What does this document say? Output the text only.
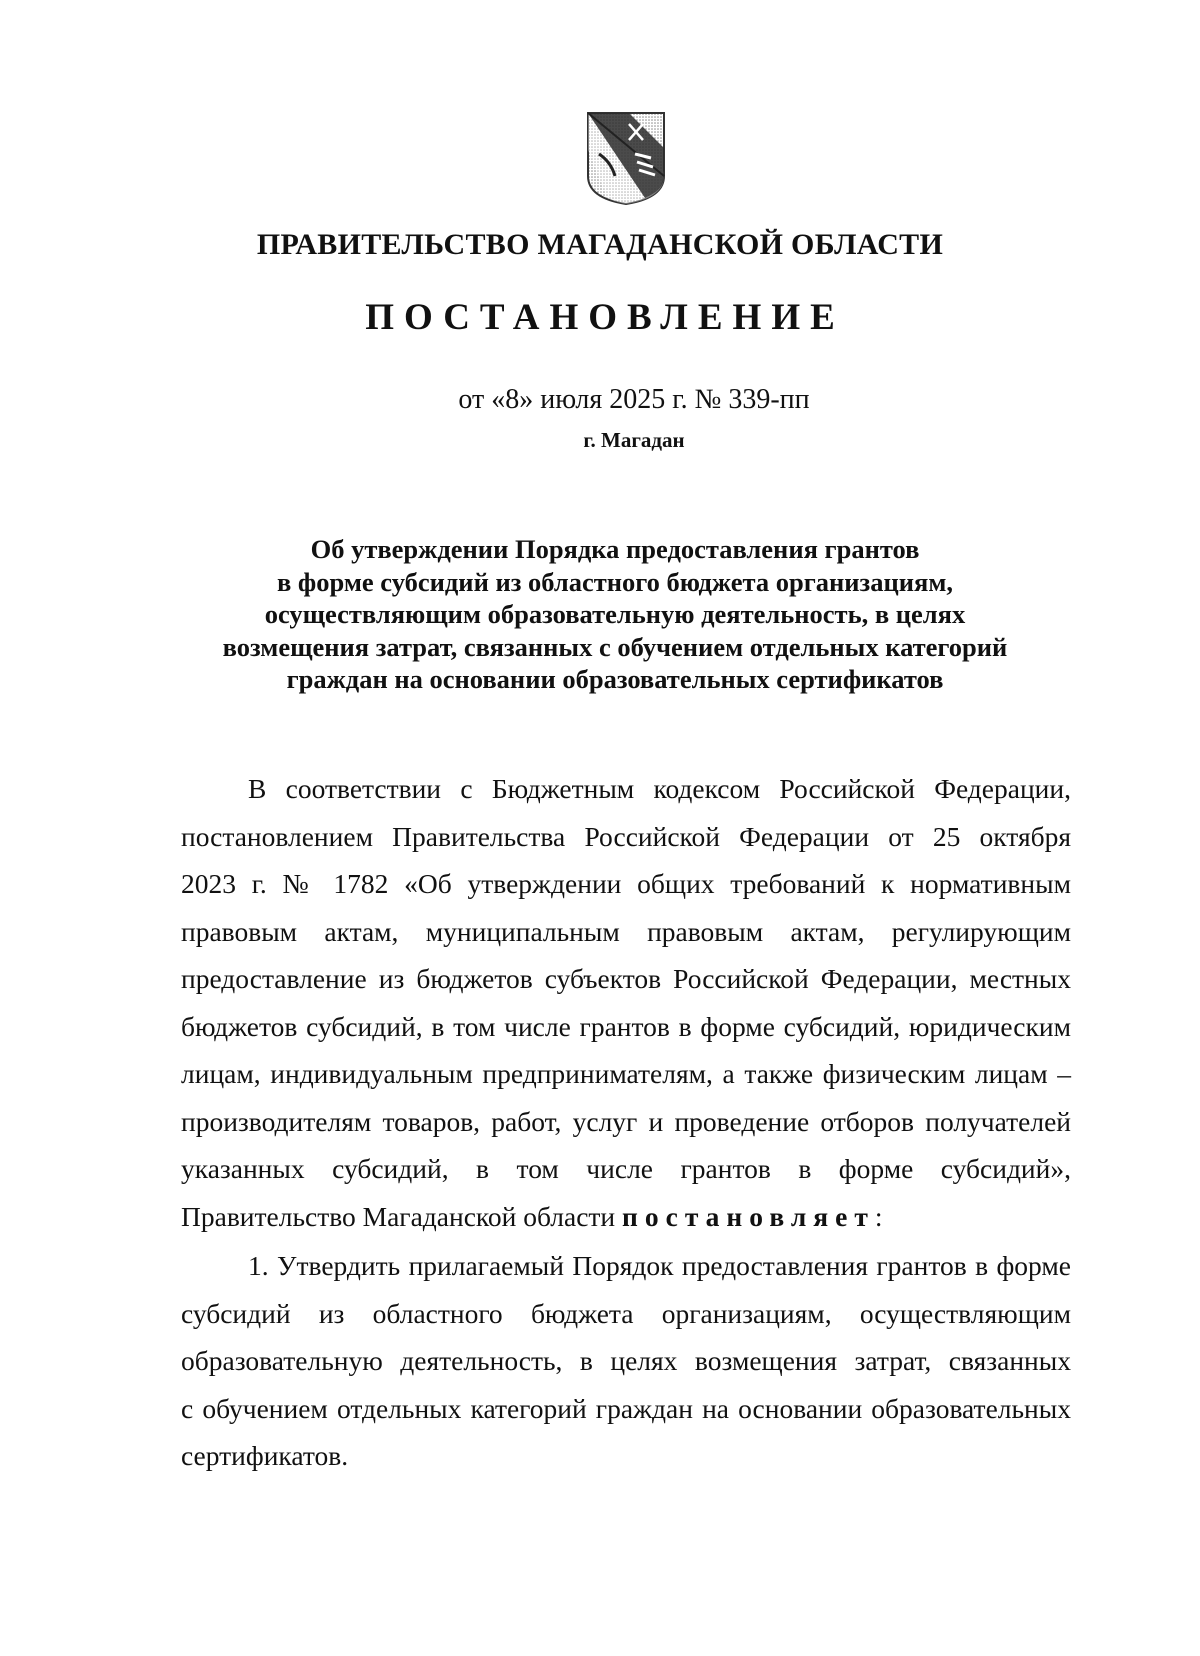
ПРАВИТЕЛЬСТВО МАГАДАНСКОЙ ОБЛАСТИ
ПОСТАНОВЛЕНИЕ
от «8» июля 2025 г. № 339-пп
г. Магадан
Об утверждении Порядка предоставления грантов
в форме субсидий из областного бюджета организациям,
осуществляющим образовательную деятельность, в целях
возмещения затрат, связанных с обучением отдельных категорий
граждан на основании образовательных сертификатов
В соответствии с Бюджетным кодексом Российской Федерации,
постановлением Правительства Российской Федерации от 25 октября
2023 г. № 1782 «Об утверждении общих требований к нормативным
правовым актам, муниципальным правовым актам, регулирующим
предоставление из бюджетов субъектов Российской Федерации, местных
бюджетов субсидий, в том числе грантов в форме субсидий, юридическим
лицам, индивидуальным предпринимателям, а также физическим лицам –
производителям товаров, работ, услуг и проведение отборов получателей
указанных субсидий, в том числе грантов в форме субсидий»,
Правительство Магаданской области постановляет:
1. Утвердить прилагаемый Порядок предоставления грантов в форме
субсидий из областного бюджета организациям, осуществляющим
образовательную деятельность, в целях возмещения затрат, связанных
с обучением отдельных категорий граждан на основании образовательных
сертификатов.
